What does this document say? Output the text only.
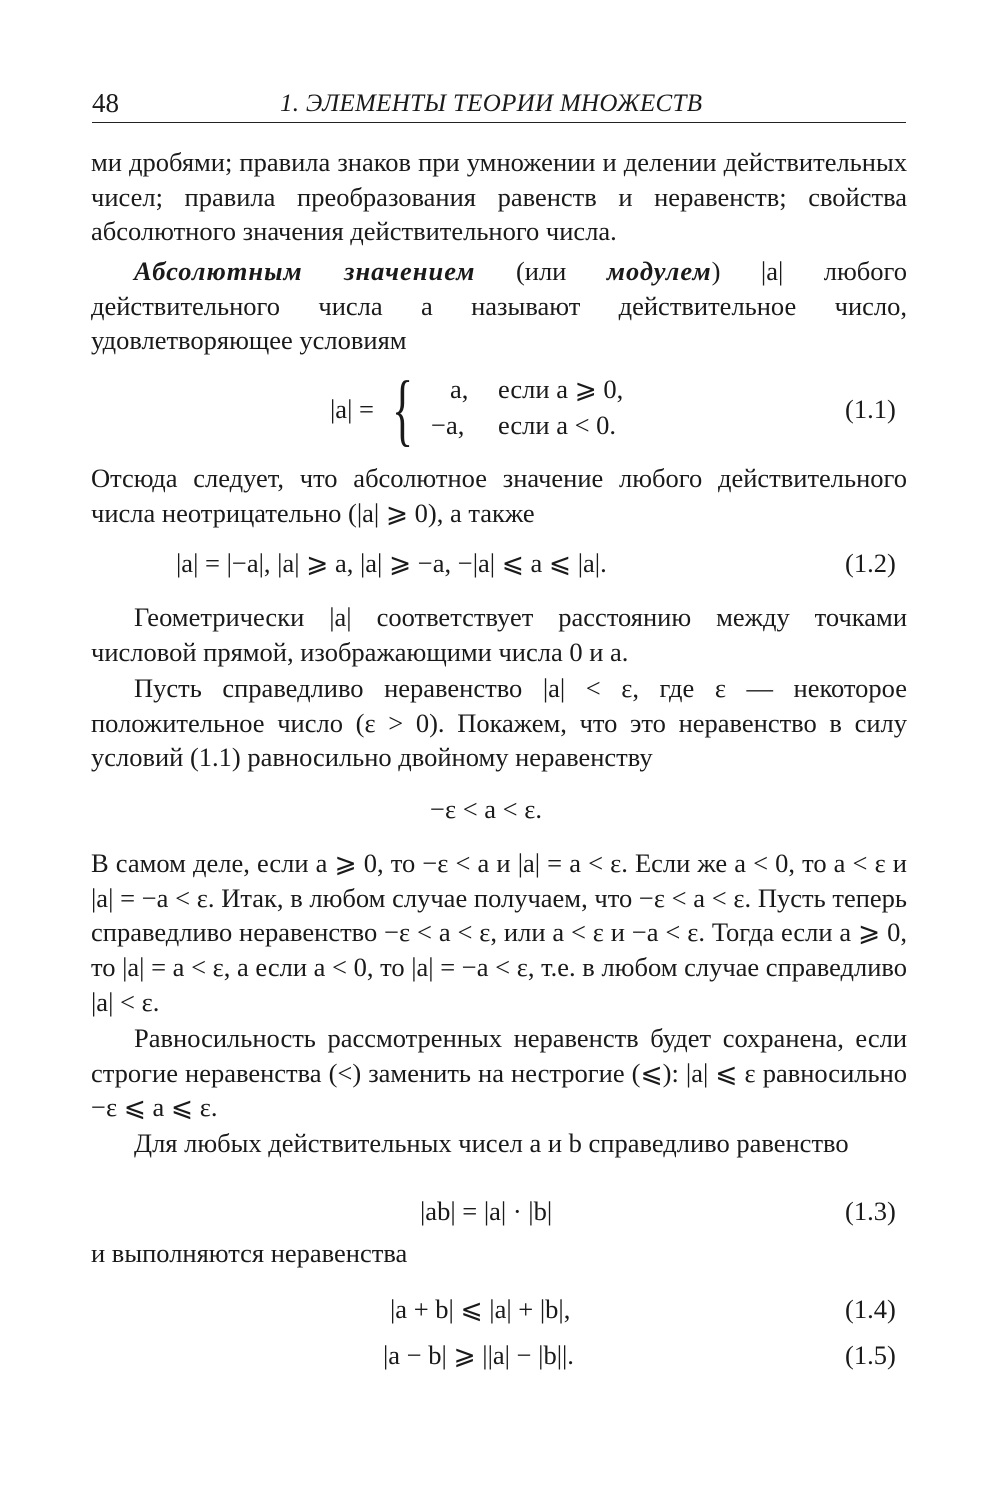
48	1. ЭЛЕМЕНТЫ ТЕОРИИ МНОЖЕСТВ

ми дробями; правила знаков при умножении и делении действительных чисел; правила преобразования равенств и неравенств; свойства абсолютного значения действительного числа.

Абсолютным значением (или модулем) |a| любого действительного числа a называют действительное число, удовлетворяющее условиям

|a| = { a, если a ⩾ 0,
−a, если a < 0.
(1.1)

Отсюда следует, что абсолютное значение любого действительного числа неотрицательно (|a| ⩾ 0), а также

|a| = |−a|, |a| ⩾ a, |a| ⩾ −a, −|a| ⩽ a ⩽ |a|.	(1.2)

Геометрически |a| соответствует расстоянию между точками числовой прямой, изображающими числа 0 и a.

Пусть справедливо неравенство |a| < ε, где ε — некоторое положительное число (ε > 0). Покажем, что это неравенство в силу условий (1.1) равносильно двойному неравенству

−ε < a < ε.

В самом деле, если a ⩾ 0, то −ε < a и |a| = a < ε. Если же a < 0, то a < ε и |a| = −a < ε. Итак, в любом случае получаем, что −ε < a < ε. Пусть теперь справедливо неравенство −ε < a < ε, или a < ε и −a < ε. Тогда если a ⩾ 0, то |a| = a < ε, а если a < 0, то |a| = −a < ε, т.е. в любом случае справедливо |a| < ε.

Равносильность рассмотренных неравенств будет сохранена, если строгие неравенства (<) заменить на нестрогие (⩽): |a| ⩽ ε равносильно −ε ⩽ a ⩽ ε.

Для любых действительных чисел a и b справедливо равенство

|ab| = |a| · |b|	(1.3)

и выполняются неравенства

|a + b| ⩽ |a| + |b|,	(1.4)
|a − b| ⩾ ||a| − |b||.	(1.5)
